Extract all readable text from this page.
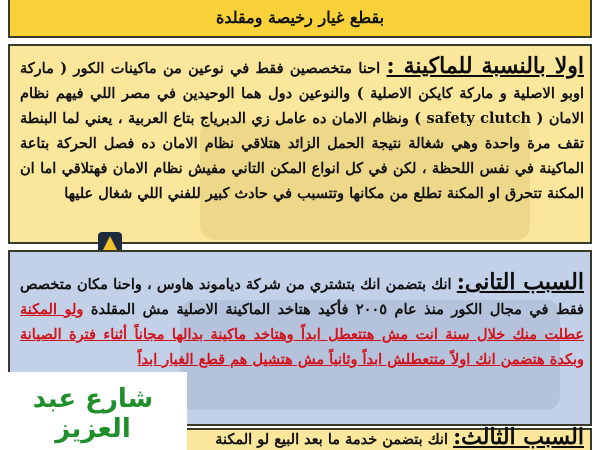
بقطع غيار رخيصة ومقلدة
اولا بالنسبة للماكينة : احنا متخصصين فقط في نوعين من ماكينات الكور ( ماركة اوبو الاصلية و ماركة كايكن الاصلية ) والنوعين دول هما الوحيدين في مصر اللي فيهم نظام الامان ( safety clutch ) ونظام الامان ده عامل زي الدبرياج بتاع العربية ، يعني لما البنطة تقف مرة واحدة وهي شغالة نتيجة الحمل الزائد هتلاقي نظام الامان ده فصل الحركة بتاعة الماكينة في نفس اللحظة ، لكن في كل انواع المكن التاني مفيش نظام الامان فهتلاقي اما ان المكنة تتحرق او المكنة تطلع من مكانها وتتسبب في حادث كبير للفني اللي شغال عليها
السبب التانى: انك بتضمن انك بتشتري من شركة دياموند هاوس ، واحنا مكان متخصص فقط في مجال الكور منذ عام ٢٠٠٥ فأكيد هتاخد الماكينة الاصلية مش المقلدة ولو المكنة عطلت منك خلال سنة انت مش هتتعطل ابداً وهتاخد ماكينة بدالها مجاناً أثناء فترة الصيانة وبكدة هتضمن انك اولاً متتعطلش ابداً وثانياً مش هتشيل هم قطع الغيار ابداً
السبب الثالث: انك بتضمن خدمة ما بعد البيع لو المكنة
شارع عبد العزيز
